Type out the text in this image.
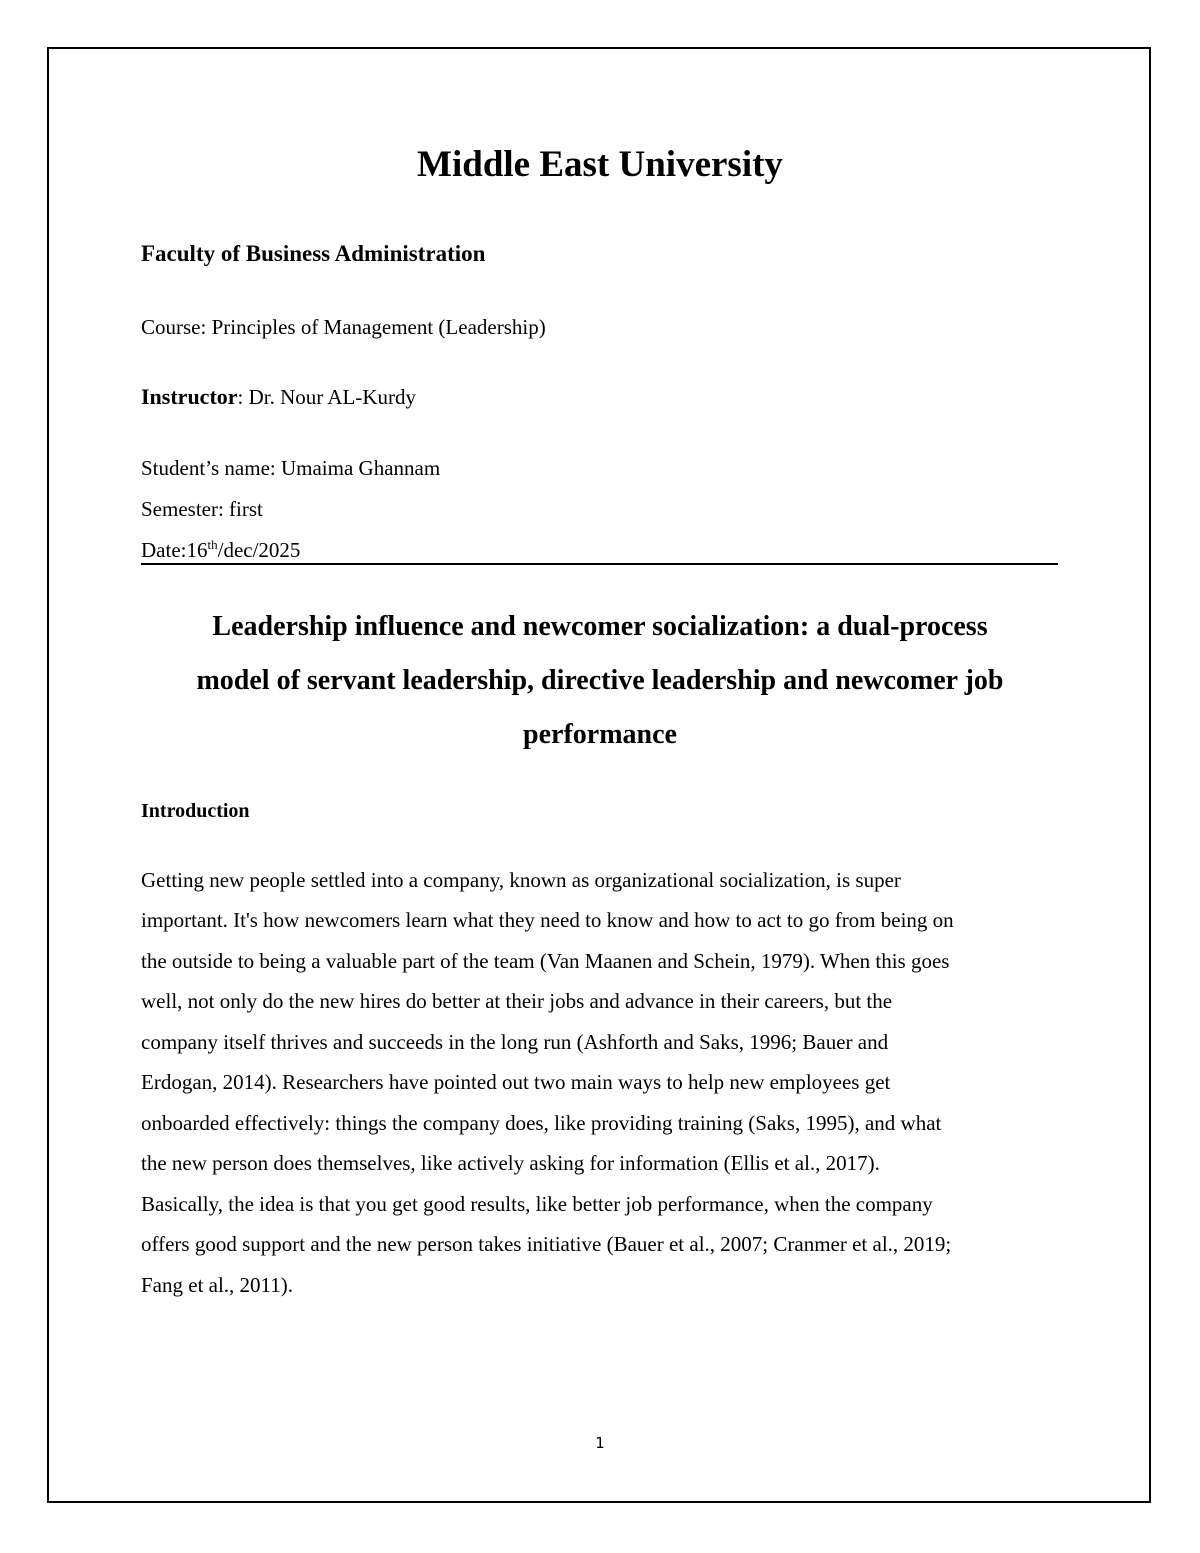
Middle East University
Faculty of Business Administration
Course: Principles of Management (Leadership)
Instructor: Dr. Nour AL-Kurdy
Student’s name: Umaima Ghannam
Semester: first
Date:16th/dec/2025
Leadership influence and newcomer socialization: a dual-process
model of servant leadership, directive leadership and newcomer job
performance
Introduction
Getting new people settled into a company, known as organizational socialization, is super
important. It's how newcomers learn what they need to know and how to act to go from being on
the outside to being a valuable part of the team (Van Maanen and Schein, 1979). When this goes
well, not only do the new hires do better at their jobs and advance in their careers, but the
company itself thrives and succeeds in the long run (Ashforth and Saks, 1996; Bauer and
Erdogan, 2014). Researchers have pointed out two main ways to help new employees get
onboarded effectively: things the company does, like providing training (Saks, 1995), and what
the new person does themselves, like actively asking for information (Ellis et al., 2017).
Basically, the idea is that you get good results, like better job performance, when the company
offers good support and the new person takes initiative (Bauer et al., 2007; Cranmer et al., 2019;
Fang et al., 2011).
1
